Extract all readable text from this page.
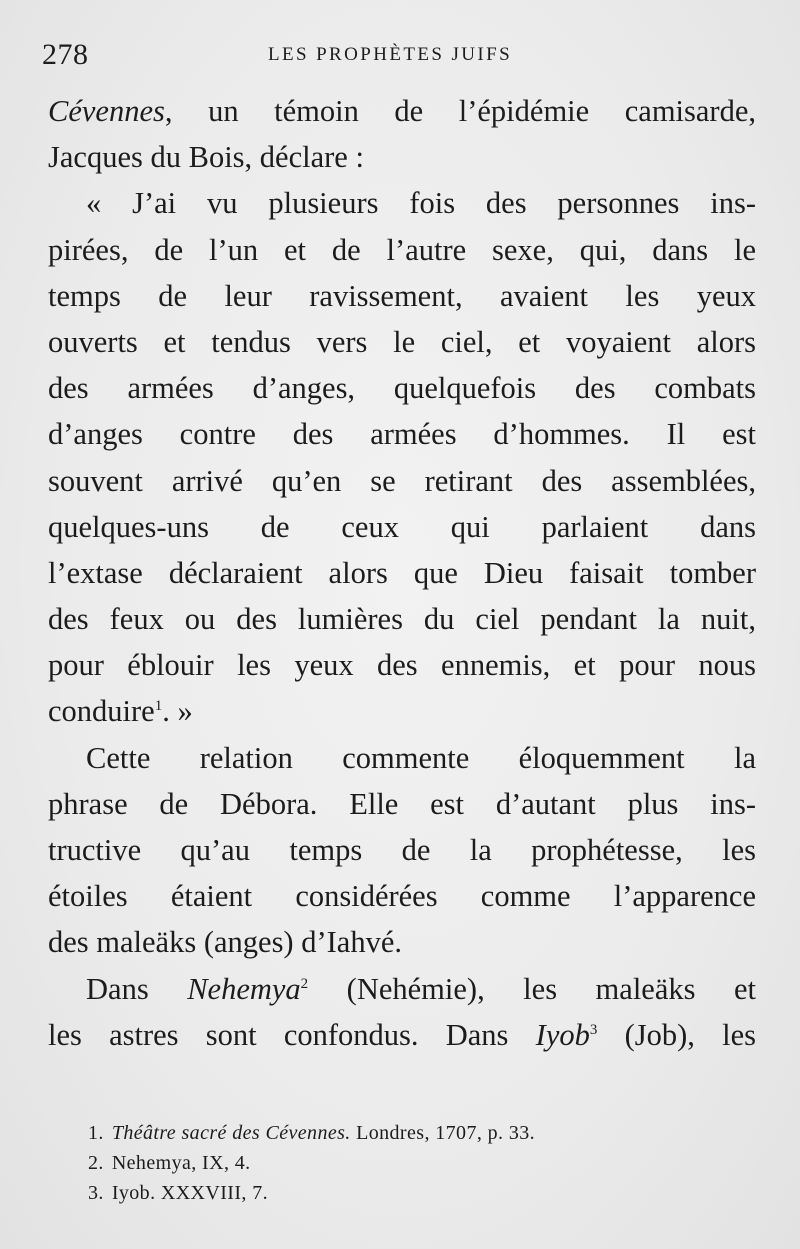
278	LES PROPHÈTES JUIFS
Cévennes, un témoin de l’épidémie camisarde,
Jacques du Bois, déclare :
« J’ai vu plusieurs fois des personnes ins-
pirées, de l’un et de l’autre sexe, qui, dans le
temps de leur ravissement, avaient les yeux
ouverts et tendus vers le ciel, et voyaient alors
des armées d’anges, quelquefois des combats
d’anges contre des armées d’hommes. Il est
souvent arrivé qu’en se retirant des assemblées,
quelques-uns de ceux qui parlaient dans
l’extase déclaraient alors que Dieu faisait tomber
des feux ou des lumières du ciel pendant la nuit,
pour éblouir les yeux des ennemis, et pour nous
conduire$^1$. »
Cette relation commente éloquemment la
phrase de Débora. Elle est d’autant plus ins-
tructive qu’au temps de la prophétesse, les
étoiles étaient considérées comme l’apparence
des maleäks (anges) d’Iahvé.
Dans Nehemya$^2$ (Nehémie), les maleäks et
les astres sont confondus. Dans Iyob$^3$ (Job), les
1. Théâtre sacré des Cévennes. Londres, 1707, p. 33.
2. Nehemya, IX, 4.
3. Iyob. XXXVIII, 7.
